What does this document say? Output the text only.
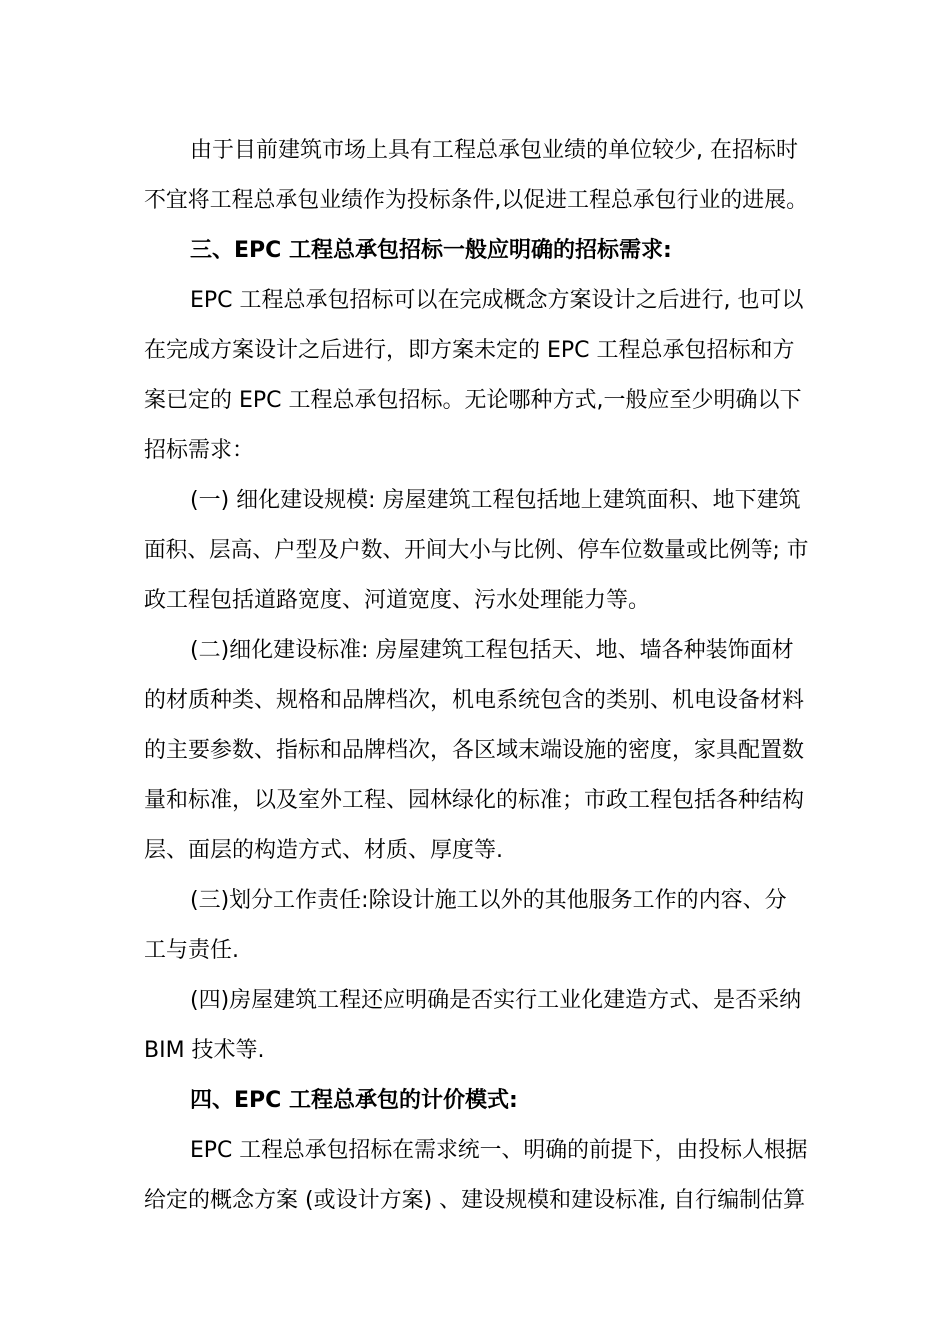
由于目前建筑市场上具有工程总承包业绩的单位较少, 在招标时
不宜将工程总承包业绩作为投标条件,以促进工程总承包行业的进展。
三、EPC 工程总承包招标一般应明确的招标需求:
EPC 工程总承包招标可以在完成概念方案设计之后进行, 也可以
在完成方案设计之后进行，即方案未定的 EPC 工程总承包招标和方
案已定的 EPC 工程总承包招标。无论哪种方式,一般应至少明确以下
招标需求：
(一) 细化建设规模: 房屋建筑工程包括地上建筑面积、地下建筑
面积、层高、户型及户数、开间大小与比例、停车位数量或比例等; 市
政工程包括道路宽度、河道宽度、污水处理能力等。
(二)细化建设标准: 房屋建筑工程包括天、地、墙各种装饰面材
的材质种类、规格和品牌档次，机电系统包含的类别、机电设备材料
的主要参数、指标和品牌档次，各区域末端设施的密度，家具配置数
量和标准，以及室外工程、园林绿化的标准；市政工程包括各种结构
层、面层的构造方式、材质、厚度等.
(三)划分工作责任:除设计施工以外的其他服务工作的内容、分
工与责任.
(四)房屋建筑工程还应明确是否实行工业化建造方式、是否采纳
BIM 技术等.
四、EPC 工程总承包的计价模式:
EPC 工程总承包招标在需求统一、明确的前提下，由投标人根据
给定的概念方案 (或设计方案) 、建设规模和建设标准, 自行编制估算
